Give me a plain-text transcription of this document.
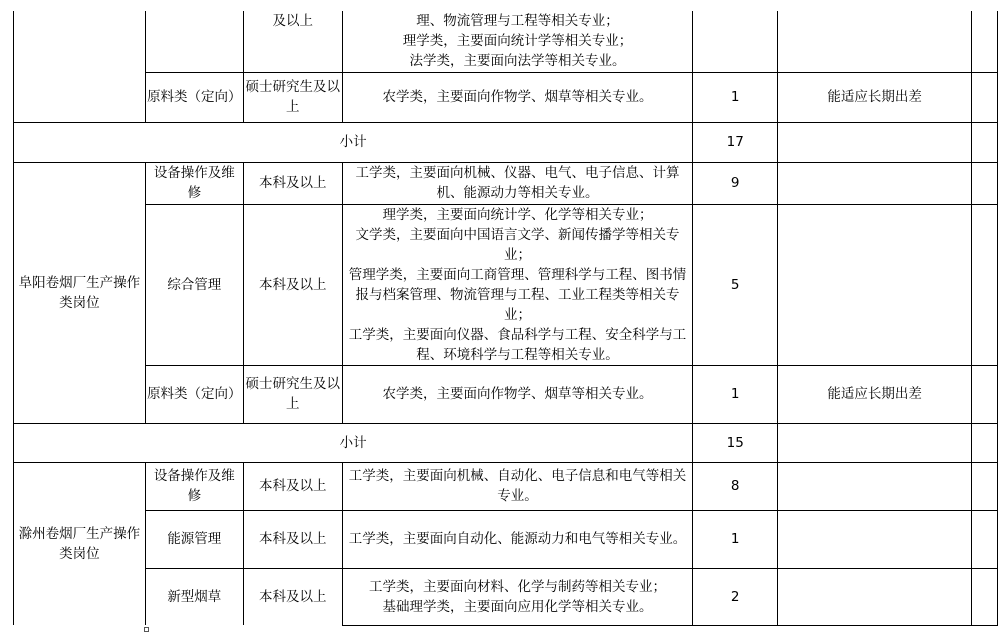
		及以上	理、物流管理与工程等相关专业；
理学类，主要面向统计学等相关专业；
法学类，主要面向法学等相关专业。			

	原料类（定向）	硕士研究生及以上	农学类，主要面向作物学、烟草等相关专业。	1	能适应长期出差	
小计				17		
阜阳卷烟厂生产操作类岗位	设备操作及维修	本科及以上	工学类，主要面向机械、仪器、电气、电子信息、计算机、能源动力等相关专业。	9		
	综合管理	本科及以上	理学类，主要面向统计学、化学等相关专业；
文学类，主要面向中国语言文学、新闻传播学等相关专业；
管理学类，主要面向工商管理、管理科学与工程、图书情报与档案管理、物流管理与工程、工业工程类等相关专业；
工学类，主要面向仪器、食品科学与工程、安全科学与工程、环境科学与工程等相关专业。	5		
	原料类（定向）	硕士研究生及以上	农学类，主要面向作物学、烟草等相关专业。	1	能适应长期出差	
小计				15		
滁州卷烟厂生产操作类岗位	设备操作及维修	本科及以上	工学类，主要面向机械、自动化、电子信息和电气等相关专业。	8		
	能源管理	本科及以上	工学类，主要面向自动化、能源动力和电气等相关专业。	1		
	新型烟草	本科及以上	工学类，主要面向材料、化学与制药等相关专业；
基础理学类，主要面向应用化学等相关专业。	2		
